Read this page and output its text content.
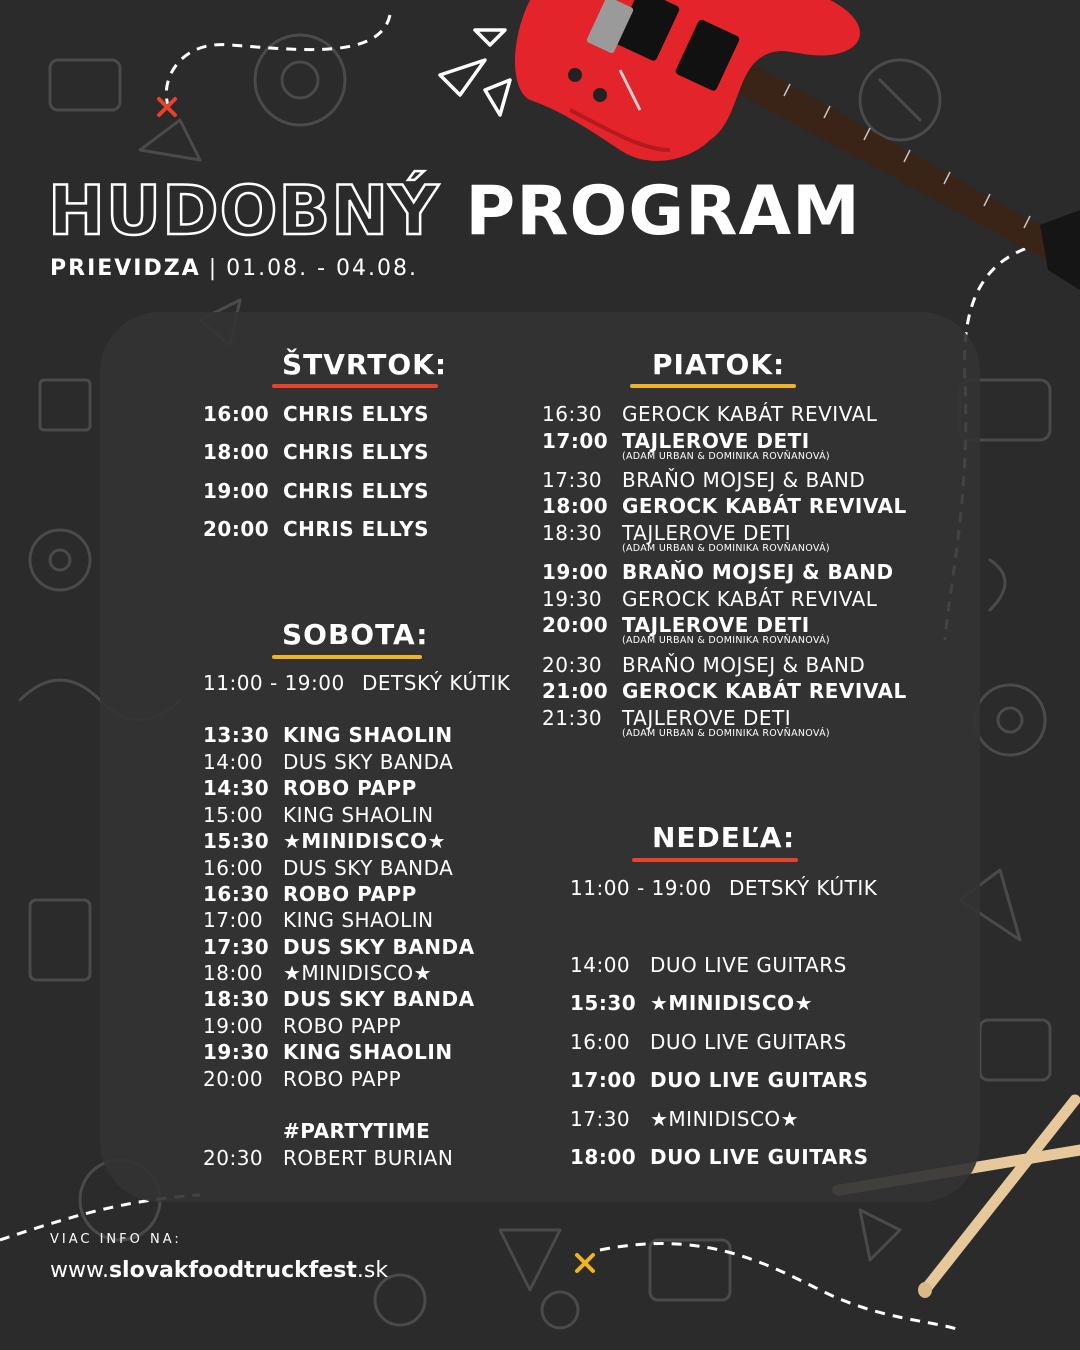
HUDOBNÝ PROGRAM
PRIEVIDZA | 01.08. - 04.08.
ŠTVRTOK:
16:00 CHRIS ELLYS
18:00 CHRIS ELLYS
19:00 CHRIS ELLYS
20:00 CHRIS ELLYS
SOBOTA:
11:00 - 19:00 DETSKÝ KÚTIK
13:30 KING SHAOLIN
14:00 DUS SKY BANDA
14:30 ROBO PAPP
15:00 KING SHAOLIN
15:30 ★MINIDISCO★
16:00 DUS SKY BANDA
16:30 ROBO PAPP
17:00 KING SHAOLIN
17:30 DUS SKY BANDA
18:00 ★MINIDISCO★
18:30 DUS SKY BANDA
19:00 ROBO PAPP
19:30 KING SHAOLIN
20:00 ROBO PAPP
#PARTYTIME
20:30 ROBERT BURIAN
PIATOK:
16:30 GEROCK KABÁT REVIVAL
17:00 TAJLEROVE DETI
(ADAM URBAN & DOMINIKA ROVŇANOVÁ)
17:30 BRAŇO MOJSEJ & BAND
18:00 GEROCK KABÁT REVIVAL
18:30 TAJLEROVE DETI
(ADAM URBAN & DOMINIKA ROVŇANOVÁ)
19:00 BRAŇO MOJSEJ & BAND
19:30 GEROCK KABÁT REVIVAL
20:00 TAJLEROVE DETI
(ADAM URBAN & DOMINIKA ROVŇANOVÁ)
20:30 BRAŇO MOJSEJ & BAND
21:00 GEROCK KABÁT REVIVAL
21:30 TAJLEROVE DETI
(ADAM URBAN & DOMINIKA ROVŇANOVÁ)
NEDEĽA:
11:00 - 19:00 DETSKÝ KÚTIK
14:00 DUO LIVE GUITARS
15:30 ★MINIDISCO★
16:00 DUO LIVE GUITARS
17:00 DUO LIVE GUITARS
17:30 ★MINIDISCO★
18:00 DUO LIVE GUITARS
VIAC INFO NA:
www.slovakfoodtruckfest.sk
